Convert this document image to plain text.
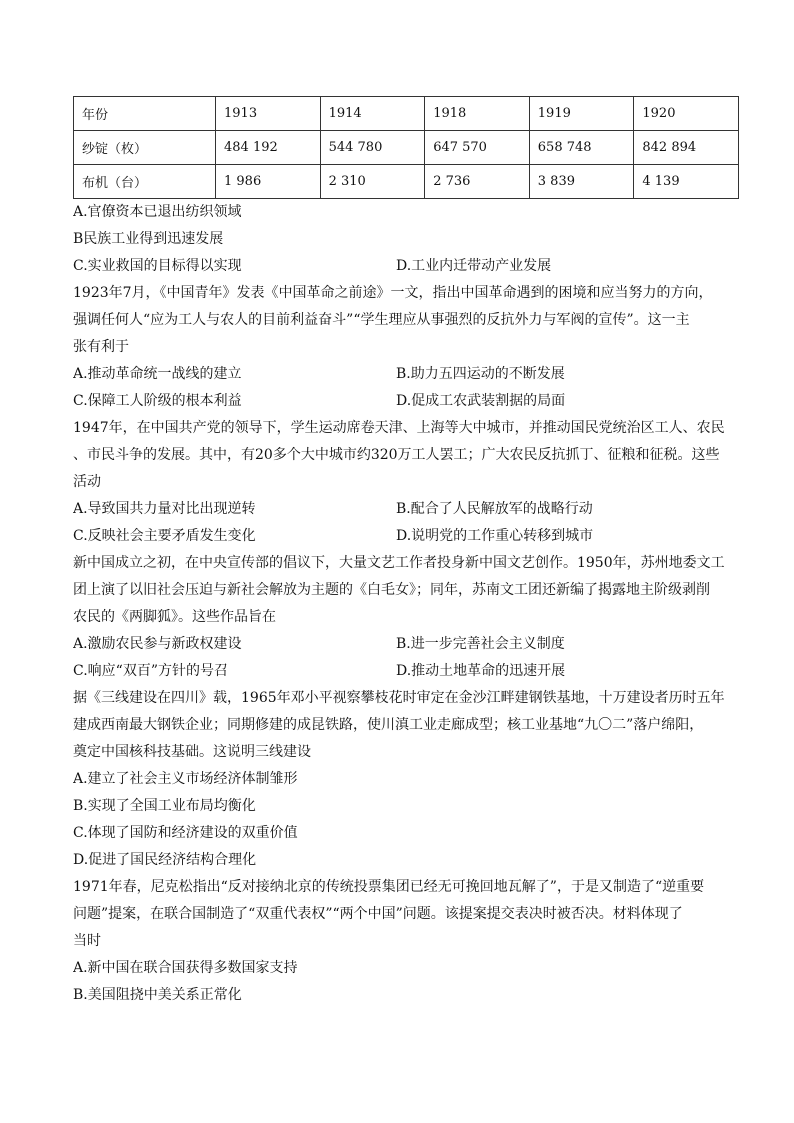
年份	1913	1914	1918	1919	1920
纱锭（枚）	484 192	544 780	647 570	658 748	842 894
布机（台）	1 986	2 310	2 736	3 839	4 139
A.官僚资本已退出纺织领域
B民族工业得到迅速发展
C.实业救国的目标得以实现	D.工业内迁带动产业发展
1923年7月，《中国青年》发表《中国革命之前途》一文，指出中国革命遇到的困境和应当努力的方向，
强调任何人“应为工人与农人的目前利益奋斗”“学生理应从事强烈的反抗外力与军阀的宣传”。这一主
张有利于
A.推动革命统一战线的建立	B.助力五四运动的不断发展
C.保障工人阶级的根本利益	D.促成工农武装割据的局面
1947年，在中国共产党的领导下，学生运动席卷天津、上海等大中城市，并推动国民党统治区工人、农民
、市民斗争的发展。其中，有20多个大中城市约320万工人罢工；广大农民反抗抓丁、征粮和征税。这些
活动
A.导致国共力量对比出现逆转	B.配合了人民解放军的战略行动
C.反映社会主要矛盾发生变化	D.说明党的工作重心转移到城市
新中国成立之初，在中央宣传部的倡议下，大量文艺工作者投身新中国文艺创作。1950年，苏州地委文工
团上演了以旧社会压迫与新社会解放为主题的《白毛女》；同年，苏南文工团还新编了揭露地主阶级剥削
农民的《两脚狐》。这些作品旨在
A.激励农民参与新政权建设	B.进一步完善社会主义制度
C.响应“双百”方针的号召	D.推动土地革命的迅速开展
据《三线建设在四川》载，1965年邓小平视察攀枝花时审定在金沙江畔建钢铁基地，十万建设者历时五年
建成西南最大钢铁企业；同期修建的成昆铁路，使川滇工业走廊成型；核工业基地“九〇二”落户绵阳，
奠定中国核科技基础。这说明三线建设
A.建立了社会主义市场经济体制雏形
B.实现了全国工业布局均衡化
C.体现了国防和经济建设的双重价值
D.促进了国民经济结构合理化
1971年春，尼克松指出“反对接纳北京的传统投票集团已经无可挽回地瓦解了”，于是又制造了“逆重要
问题”提案，在联合国制造了“双重代表权”“两个中国”问题。该提案提交表决时被否决。材料体现了
当时
A.新中国在联合国获得多数国家支持
B.美国阻挠中美关系正常化
